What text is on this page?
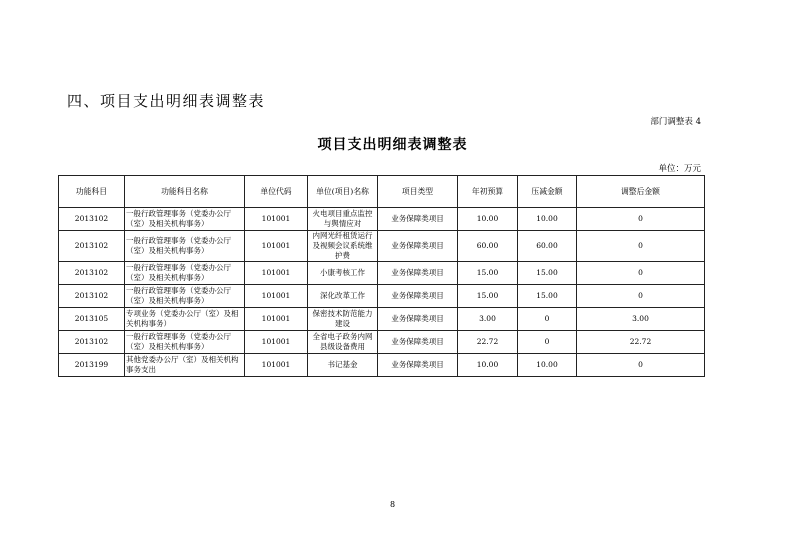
四、项目支出明细表调整表
部门调整表 4
项目支出明细表调整表
单位：万元
功能科目	功能科目名称	单位代码	单位(项目)名称	项目类型	年初预算	压减金额	调整后金额
2013102	一般行政管理事务（党委办公厅（室）及相关机构事务）	101001	火电项目重点监控与舆情应对	业务保障类项目	10.00	10.00	0
2013102	一般行政管理事务（党委办公厅（室）及相关机构事务）	101001	内网光纤租赁运行及视频会议系统维护费	业务保障类项目	60.00	60.00	0
2013102	一般行政管理事务（党委办公厅（室）及相关机构事务）	101001	小康考核工作	业务保障类项目	15.00	15.00	0
2013102	一般行政管理事务（党委办公厅（室）及相关机构事务）	101001	深化改革工作	业务保障类项目	15.00	15.00	0
2013105	专项业务（党委办公厅（室）及相关机构事务）	101001	保密技术防范能力建设	业务保障类项目	3.00	0	3.00
2013102	一般行政管理事务（党委办公厅（室）及相关机构事务）	101001	全省电子政务内网县级设备费用	业务保障类项目	22.72	0	22.72
2013199	其他党委办公厅（室）及相关机构事务支出	101001	书记基金	业务保障类项目	10.00	10.00	0
8
